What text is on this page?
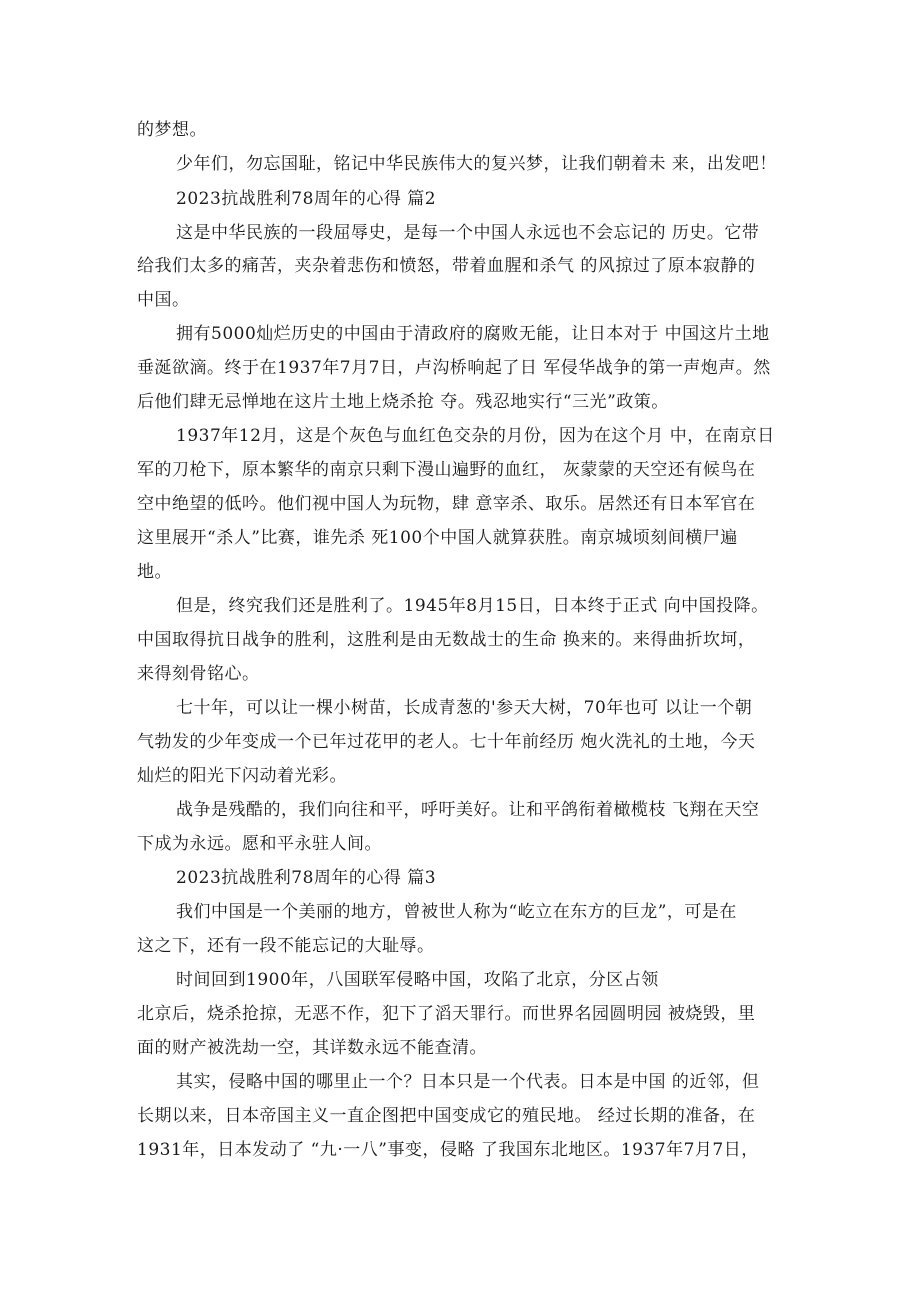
的梦想。
少年们，勿忘国耻，铭记中华民族伟大的复兴梦，让我们朝着未 来，出发吧！
2023抗战胜利78周年的心得 篇2
这是中华民族的一段屈辱史，是每一个中国人永远也不会忘记的 历史。它带
给我们太多的痛苦，夹杂着悲伤和愤怒，带着血腥和杀气 的风掠过了原本寂静的
中国。
拥有5000灿烂历史的中国由于清政府的腐败无能，让日本对于 中国这片土地
垂涎欲滴。终于在1937年7月7日，卢沟桥响起了日 军侵华战争的第一声炮声。然
后他们肆无忌惮地在这片土地上烧杀抢 夺。残忍地实行“三光”政策。
1937年12月，这是个灰色与血红色交杂的月份，因为在这个月 中，在南京日
军的刀枪下，原本繁华的南京只剩下漫山遍野的血红， 灰蒙蒙的天空还有候鸟在
空中绝望的低吟。他们视中国人为玩物，肆 意宰杀、取乐。居然还有日本军官在
这里展开“杀人”比赛，谁先杀 死100个中国人就算获胜。南京城顷刻间横尸遍
地。
但是，终究我们还是胜利了。1945年8月15日，日本终于正式 向中国投降。
中国取得抗日战争的胜利，这胜利是由无数战士的生命 换来的。来得曲折坎坷，
来得刻骨铭心。
七十年，可以让一棵小树苗，长成青葱的'参天大树，70年也可 以让一个朝
气勃发的少年变成一个已年过花甲的老人。七十年前经历 炮火洗礼的土地，今天
灿烂的阳光下闪动着光彩。
战争是残酷的，我们向往和平，呼吁美好。让和平鸽衔着橄榄枝 飞翔在天空
下成为永远。愿和平永驻人间。
2023抗战胜利78周年的心得 篇3
我们中国是一个美丽的地方，曾被世人称为“屹立在东方的巨龙”，可是在
这之下，还有一段不能忘记的大耻辱。
时间回到1900年，八国联军侵略中国，攻陷了北京，分区占领
北京后，烧杀抢掠，无恶不作，犯下了滔天罪行。而世界名园圆明园 被烧毁，里
面的财产被洗劫一空，其详数永远不能查清。
其实，侵略中国的哪里止一个？日本只是一个代表。日本是中国 的近邻，但
长期以来，日本帝国主义一直企图把中国变成它的殖民地。 经过长期的准备，在
1931年，日本发动了 “九·一八”事变，侵略 了我国东北地区。1937年7月7日，
